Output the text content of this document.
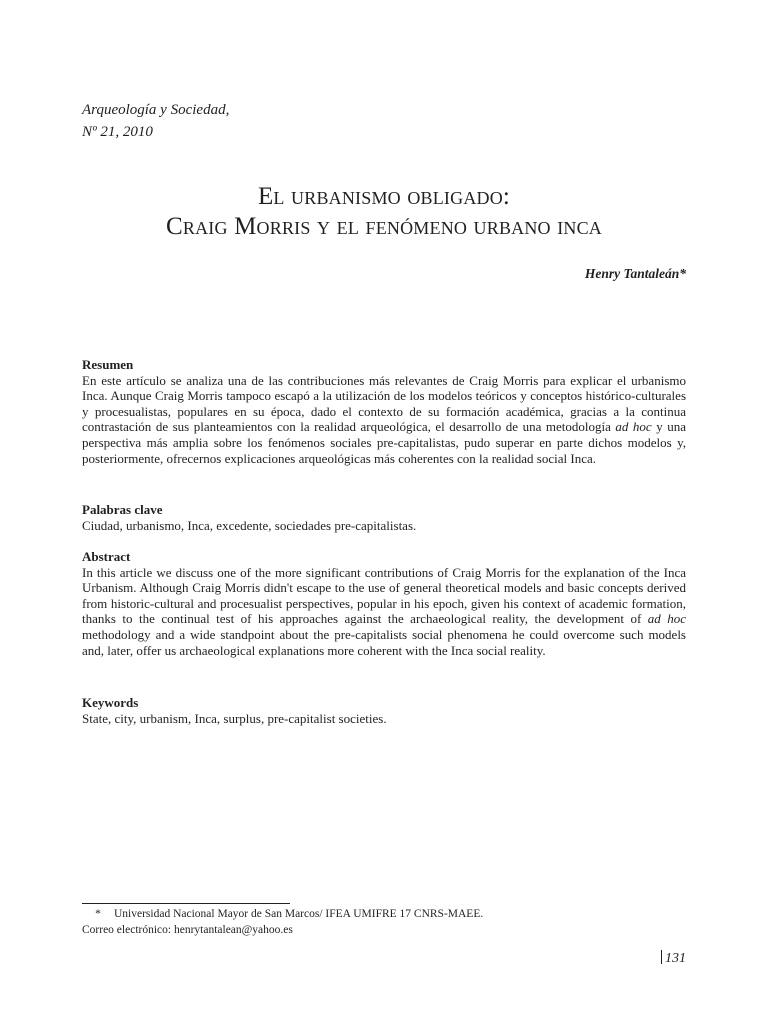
Arqueología y Sociedad,
Nº 21, 2010
El urbanismo obligado:
Craig Morris y el fenómeno urbano inca
Henry Tantaleán*
Resumen

En este artículo se analiza una de las contribuciones más relevantes de Craig Morris para explicar el urbanismo Inca. Aunque Craig Morris tampoco escapó a la utilización de los modelos teóricos y conceptos histórico-culturales y procesualistas, populares en su época, dado el contexto de su formación académica, gracias a la continua contrastación de sus planteamientos con la realidad arqueológica, el desarrollo de una metodología ad hoc y una perspectiva más amplia sobre los fenómenos sociales pre-capitalistas, pudo superar en parte dichos modelos y, posteriormente, ofrecernos explicaciones arqueológicas más coherentes con la realidad social Inca.

Palabras clave

Ciudad, urbanismo, Inca, excedente, sociedades pre-capitalistas.

Abstract

In this article we discuss one of the more significant contributions of Craig Morris for the explanation of the Inca Urbanism. Although Craig Morris didn't escape to the use of general theoretical models and basic concepts derived from historic-cultural and procesualist perspectives, popular in his epoch, given his context of academic formation, thanks to the continual test of his approaches against the archaeological reality, the development of ad hoc methodology and a wide standpoint about the pre-capitalists social phenomena he could overcome such models and, later, offer us archaeological explanations more coherent with the Inca social reality.

Keywords

State, city, urbanism, Inca, surplus, pre-capitalist societies.

* Universidad Nacional Mayor de San Marcos/ IFEA UMIFRE 17 CNRS-MAEE.
Correo electrónico: henrytantalean@yahoo.es
131
